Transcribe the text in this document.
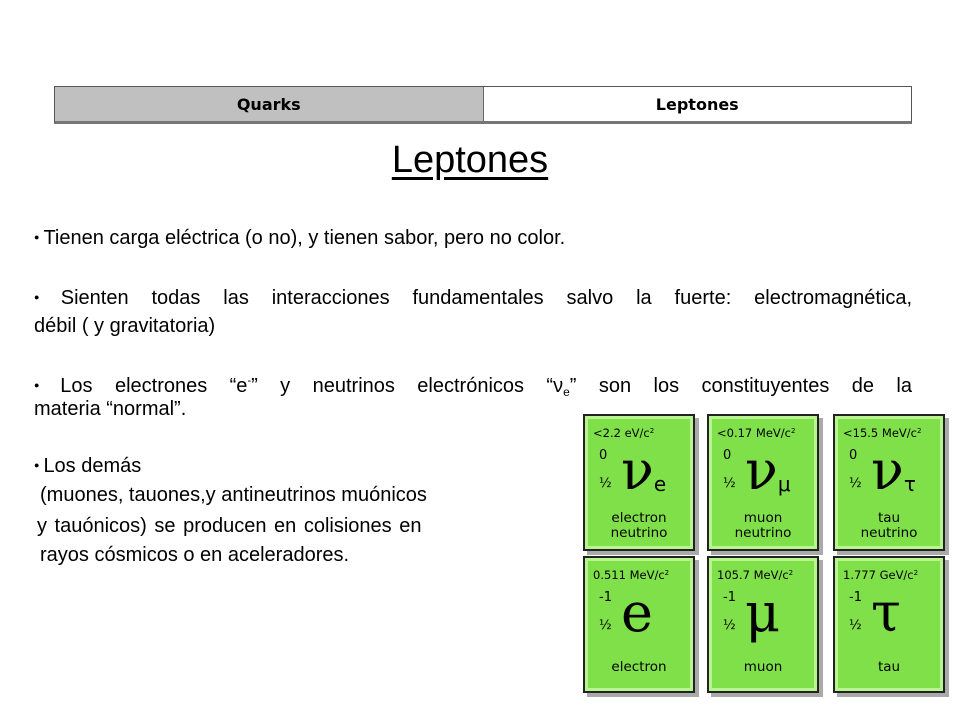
Quarks	Leptones
Leptones
● Tienen carga eléctrica (o no), y tienen sabor, pero no color.
● Sienten todas las interacciones fundamentales salvo la fuerte: electromagnética,
débil ( y gravitatoria)
● Los electrones “e-” y neutrinos electrónicos “$\nu_e$” son los constituyentes de la
materia “normal”.
● Los demás
(muones, tauones,y antineutrinos muónicos
y tauónicos) se producen en colisiones en
rayos cósmicos o en aceleradores.
<2.2 $eV/c^2$
0
½ νe
electron
neutrino
<0.17 MeV/$c^2$
0
½ νμ
muon
neutrino
<15.5 MeV/$c^2$
0
½ ντ
tau
neutrino
0.511 MeV/$c^2$
-1
½ e
electron
105.7 MeV/$c^2$
-1
½ μ
muon
1.777 GeV/$c^2$
-1
½ τ
tau
